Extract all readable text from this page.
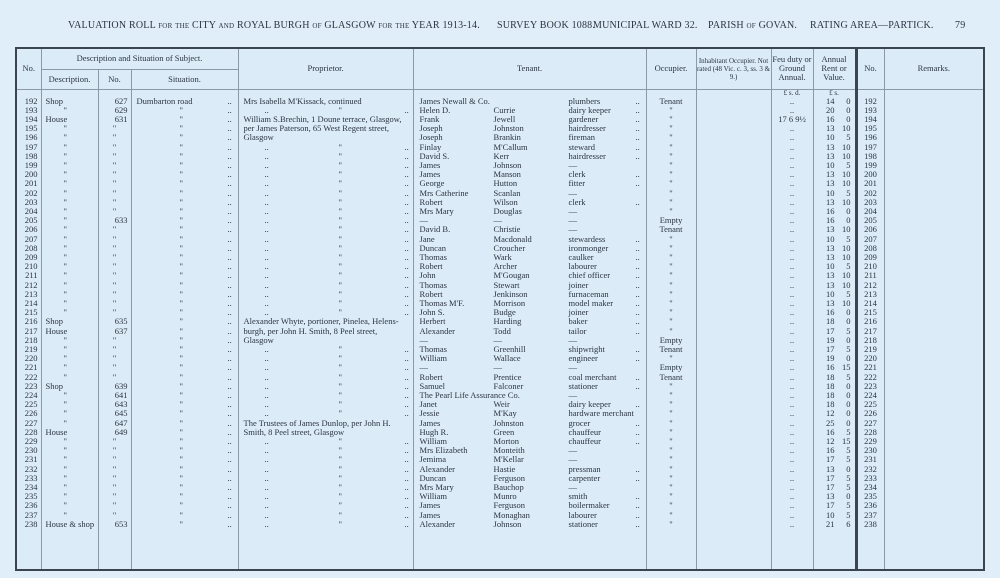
VALUATION ROLL for the CITY and ROYAL BURGH of GLASGOW for the YEAR 1913-14. SURVEY BOOK 1088.
MUNICIPAL WARD 32. PARISH of GOVAN. RATING AREA—PARTICK. 79
No.	Description and Situation of Subject.			Proprietor.	Tenant.	Occupier.	Inhabitant Occupier. Not rated (48 Vic. c. 3, ss. 3 & 9.)	Feu duty or Ground Annual.	Annual Rent or Value.	No.	Remarks.
	Description.	No.	Situation.								
								£ s. d.	£ s.		
192	Shop	627	Dumbarton road ..	Mrs Isabella M'Kissack, continued	James Newall & Co. plumbers ..	Tenant		..	14 0	192	
193	"	629	" ..	.. " ..	Helen D. Currie dairy keeper ..	"		..	20 0	193	
194	House	631	" ..	William S.Brechin, 1 Doune terrace, Glasgow,	Frank Jewell gardener ..	"		17 6 9½	16 0	194	
195	"	"	" ..	per James Paterson, 65 West Regent street,	Joseph Johnston hairdresser ..	"		..	13 10	195	
196	"	"	" ..	Glasgow	Joseph Brankin fireman ..	"		..	10 5	196	
197	"	"	" ..	.. " ..	Finlay M'Callum steward ..	"		..	13 10	197	
198	"	"	" ..	.. " ..	David S. Kerr hairdresser ..	"		..	13 10	198	
199	"	"	" ..	.. " ..	James Johnson —	"		..	10 5	199	
200	"	"	" ..	.. " ..	James Manson clerk ..	"		..	13 10	200	
201	"	"	" ..	.. " ..	George Hutton fitter ..	"		..	13 10	201	
202	"	"	" ..	.. " ..	Mrs Catherine Scanlan —	"		..	10 5	202	
203	"	"	" ..	.. " ..	Robert Wilson clerk ..	"		..	13 10	203	
204	"	"	" ..	.. " ..	Mrs Mary Douglas —	"		..	16 0	204	
205	"	633	" ..	.. " ..	— — —	Empty		..	16 0	205	
206	"	"	" ..	.. " ..	David B. Christie —	Tenant		..	13 10	206	
207	"	"	" ..	.. " ..	Jane Macdonald stewardess ..	"		..	10 5	207	
208	"	"	" ..	.. " ..	Duncan Croucher ironmonger ..	"		..	13 10	208	
209	"	"	" ..	.. " ..	Thomas Wark caulker ..	"		..	13 10	209	
210	"	"	" ..	.. " ..	Robert Archer labourer ..	"		..	10 5	210	
211	"	"	" ..	.. " ..	John M'Gougan chief officer ..	"		..	13 10	211	
212	"	"	" ..	.. " ..	Thomas Stewart joiner ..	"		..	13 10	212	
213	"	"	" ..	.. " ..	Robert Jenkinson furnaceman ..	"		..	10 5	213	
214	"	"	" ..	.. " ..	Thomas M'F. Morrison model maker ..	"		..	13 10	214	
215	"	"	" ..	.. " ..	John S. Budge joiner ..	"		..	16 0	215	
216	Shop	635	" ..	Alexander Whyte, portioner, Pinelea, Helens-	Herbert Harding baker ..	"		..	18 0	216	
217	House	637	" ..	burgh, per John H. Smith, 8 Peel street,	Alexander Todd tailor ..	"		..	17 5	217	
218	"	"	" ..	Glasgow	— — —	Empty		..	19 0	218	
219	"	"	" ..	.. " ..	Thomas Greenhill shipwright ..	Tenant		..	17 5	219	
220	"	"	" ..	.. " ..	William Wallace engineer ..	"		..	19 0	220	
221	"	"	" ..	.. " ..	— — —	Empty		..	16 15	221	
222	"	"	" ..	.. " ..	Robert Prentice coal merchant ..	Tenant		..	18 5	222	
223	Shop	639	" ..	.. " ..	Samuel Falconer stationer ..	"		..	18 0	223	
224	"	641	" ..	.. " ..	The Pearl Life Assurance Co. —	"		..	18 0	224	
225	"	643	" ..	.. " ..	Janet Weir dairy keeper ..	"		..	18 0	225	
226	"	645	" ..	.. " ..	Jessie M'Kay hardware merchant	"		..	12 0	226	
227	"	647	" ..	The Trustees of James Dunlop, per John H.	James Johnston grocer ..	"		..	25 0	227	
228	House	649	" ..	Smith, 8 Peel street, Glasgow	Hugh R. Green chauffeur ..	"		..	16 5	228	
229	"	"	" ..	.. " ..	William Morton chauffeur ..	"		..	12 15	229	
230	"	"	" ..	.. " ..	Mrs Elizabeth Monteith —	"		..	16 5	230	
231	"	"	" ..	.. " ..	Jemima M'Kellar —	"		..	17 5	231	
232	"	"	" ..	.. " ..	Alexander Hastie pressman ..	"		..	13 0	232	
233	"	"	" ..	.. " ..	Duncan Ferguson carpenter ..	"		..	17 5	233	
234	"	"	" ..	.. " ..	Mrs Mary Bauchop —	"		..	17 5	234	
235	"	"	" ..	.. " ..	William Munro smith ..	"		..	13 0	235	
236	"	"	" ..	.. " ..	James Ferguson boilermaker ..	"		..	17 5	236	
237	"	"	" ..	.. " ..	James Monaghan labourer ..	"		..	10 5	237	
238	House & shop	653	" ..	.. " ..	Alexander Johnson stationer ..	"		..	21 6	238	
